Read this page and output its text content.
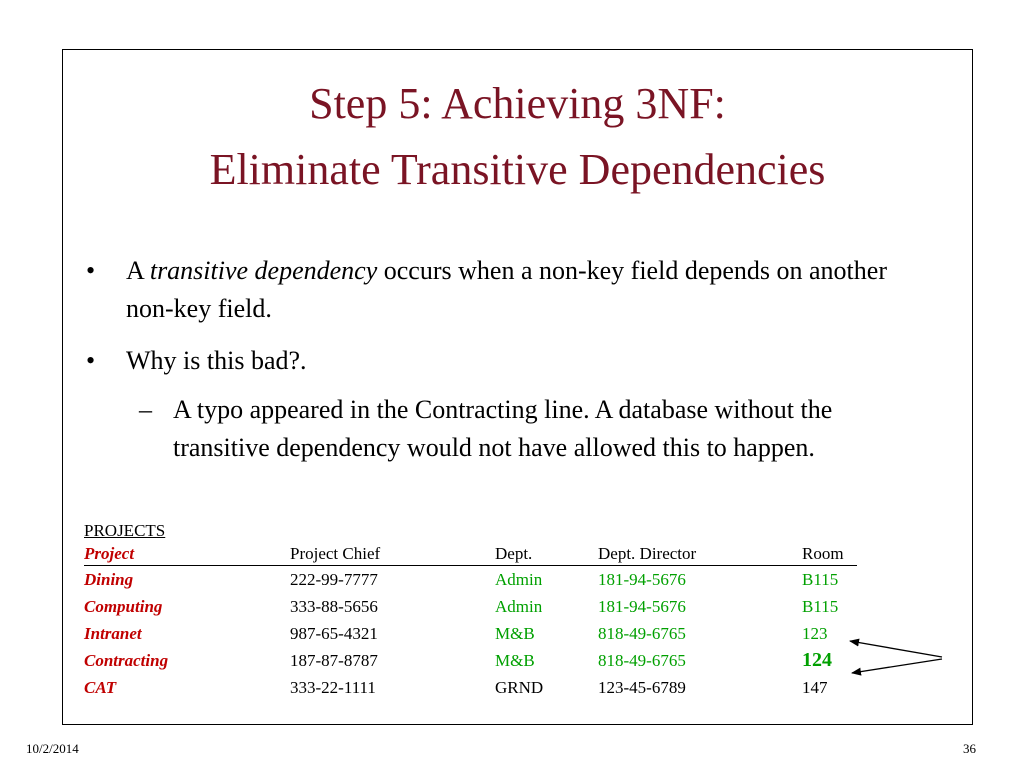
Step 5: Achieving 3NF:
Eliminate Transitive Dependencies
• A transitive dependency occurs when a non-key field depends on another non-key field.
• Why is this bad?.
– A typo appeared in the Contracting line. A database without the transitive dependency would not have allowed this to happen.
PROJECTS
Project	Project Chief	Dept.	Dept. Director	Room
Dining	222-99-7777	Admin	181-94-5676	B115
Computing	333-88-5656	Admin	181-94-5676	B115
Intranet	987-65-4321	M&B	818-49-6765	123
Contracting	187-87-8787	M&B	818-49-6765	124
CAT	333-22-1111	GRND	123-45-6789	147
10/2/2014	36
